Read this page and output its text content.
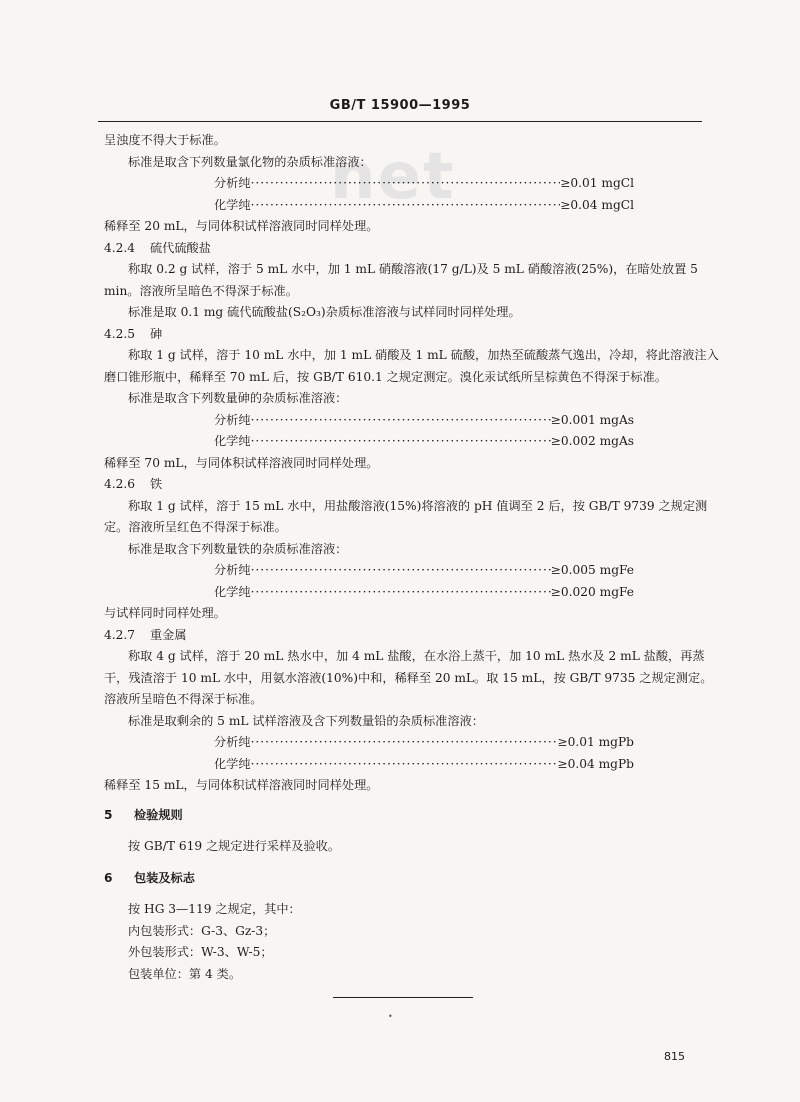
net
GB/T 15900—1995

呈浊度不得大于标准。

标准是取含下列数量氯化物的杂质标准溶液：

分析纯 ·····	≥0.01 mgCl
化学纯 ·····	≥0.04 mgCl

稀释至 20 mL，与同体积试样溶液同时同样处理。

4.2.4 硫代硫酸盐

称取 0.2 g 试样，溶于 5 mL 水中，加 1 mL 硝酸溶液(17 g/L)及 5 mL 硝酸溶液(25%)，在暗处放置 5 min。溶液所呈暗色不得深于标准。

标准是取 0.1 mg 硫代硫酸盐(S₂O₃)杂质标准溶液与试样同时同样处理。

4.2.5 砷

称取 1 g 试样，溶于 10 mL 水中，加 1 mL 硝酸及 1 mL 硫酸，加热至硫酸蒸气逸出，冷却，将此溶液注入磨口锥形瓶中，稀释至 70 mL 后，按 GB/T 610.1 之规定测定。溴化汞试纸所呈棕黄色不得深于标准。

标准是取含下列数量砷的杂质标准溶液：

分析纯 ·····	≥0.001 mgAs
化学纯 ·····	≥0.002 mgAs

稀释至 70 mL，与同体积试样溶液同时同样处理。

4.2.6 铁

称取 1 g 试样，溶于 15 mL 水中，用盐酸溶液(15%)将溶液的 pH 值调至 2 后，按 GB/T 9739 之规定测定。溶液所呈红色不得深于标准。

标准是取含下列数量铁的杂质标准溶液：

分析纯 ·····	≥0.005 mgFe
化学纯 ·····	≥0.020 mgFe

与试样同时同样处理。

4.2.7 重金属

称取 4 g 试样，溶于 20 mL 热水中，加 4 mL 盐酸，在水浴上蒸干，加 10 mL 热水及 2 mL 盐酸，再蒸干，残渣溶于 10 mL 水中，用氨水溶液(10%)中和，稀释至 20 mL。取 15 mL，按 GB/T 9735 之规定测定。溶液所呈暗色不得深于标准。

标准是取剩余的 5 mL 试样溶液及含下列数量铅的杂质标准溶液：

分析纯 ·····	≥0.01 mgPb
化学纯 ·····	≥0.04 mgPb

稀释至 15 mL，与同体积试样溶液同时同样处理。

5 检验规则

按 GB/T 619 之规定进行采样及验收。

6 包装及标志

按 HG 3—119 之规定，其中：

内包装形式：G-3、Gz-3；

外包装形式：W-3、W-5；

包装单位：第 4 类。

•
815
